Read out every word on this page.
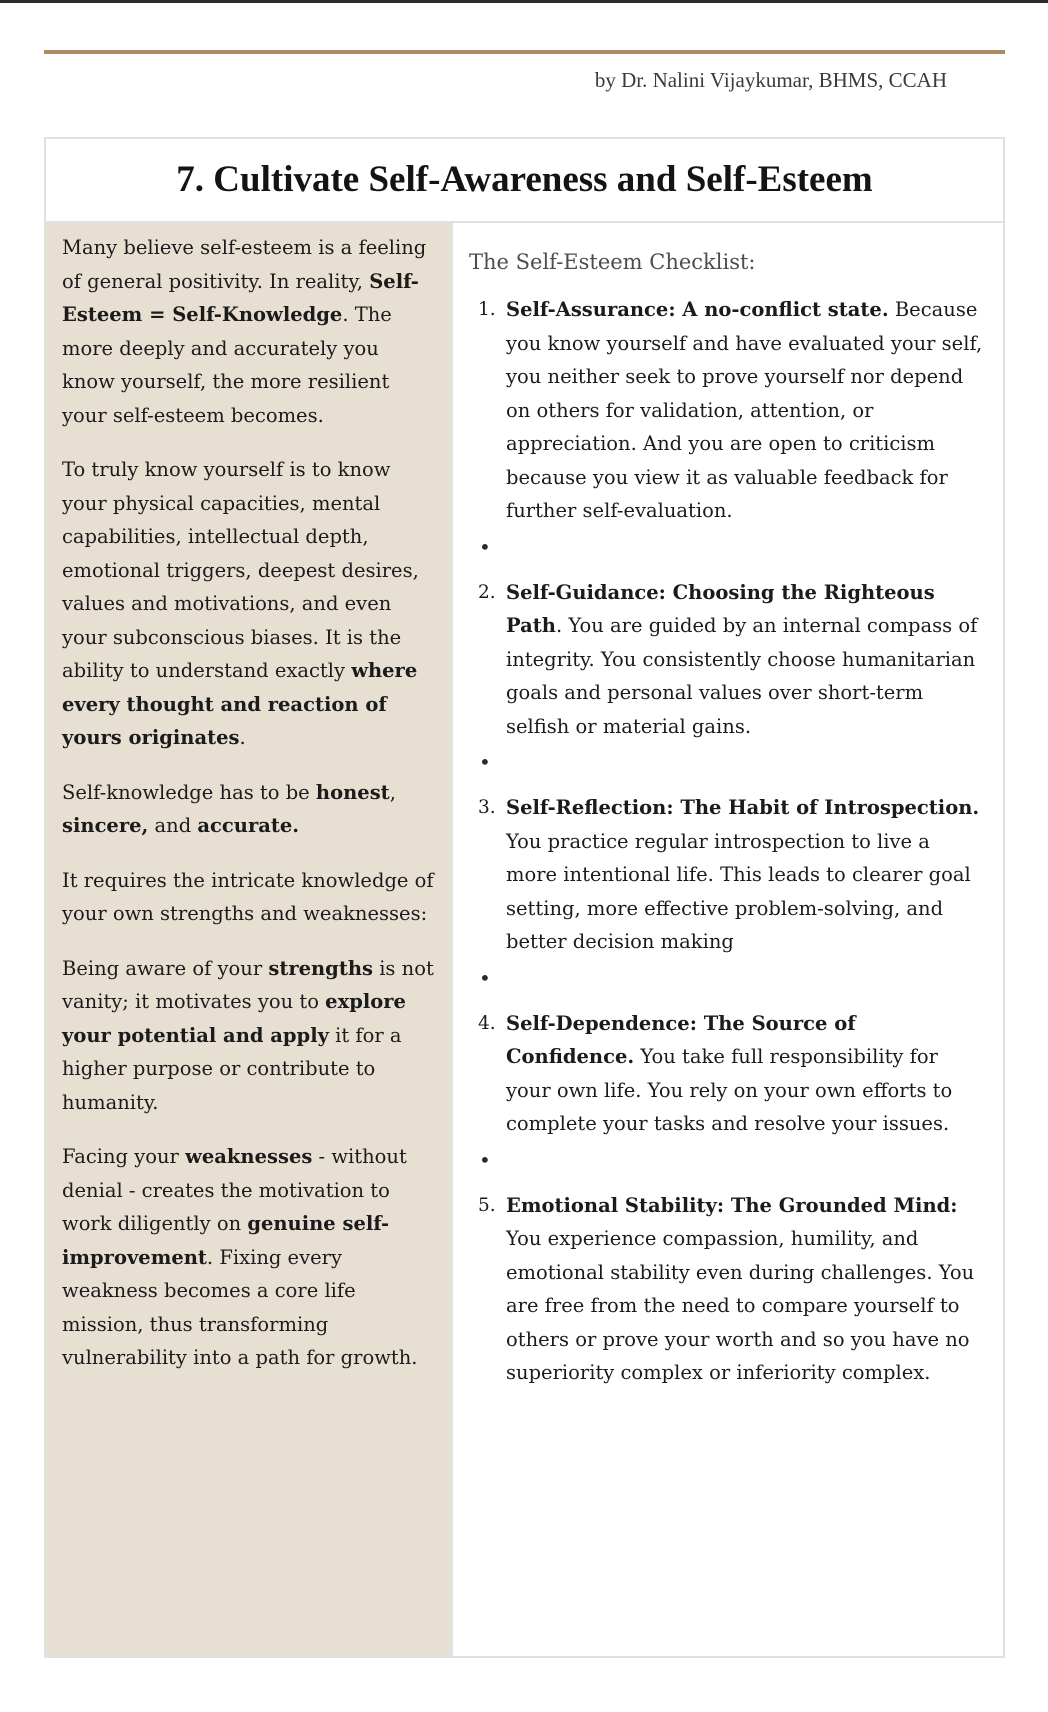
by Dr. Nalini Vijaykumar, BHMS, CCAH
7. Cultivate Self-Awareness and Self-Esteem

Many believe self-esteem is a feeling of general positivity. In reality, Self-Esteem = Self-Knowledge. The more deeply and accurately you know yourself, the more resilient your self-esteem becomes.

To truly know yourself is to know your physical capacities, mental capabilities, intellectual depth, emotional triggers, deepest desires, values and motivations, and even your subconscious biases. It is the ability to understand exactly where every thought and reaction of yours originates.

Self-knowledge has to be honest, sincere, and accurate.

It requires the intricate knowledge of your own strengths and weaknesses:

Being aware of your strengths is not vanity; it motivates you to explore your potential and apply it for a higher purpose or contribute to humanity.

Facing your weaknesses - without denial - creates the motivation to work diligently on genuine self-improvement. Fixing every weakness becomes a core life mission, thus transforming vulnerability into a path for growth.

The Self-Esteem Checklist:
1. Self-Assurance: A no-conflict state. Because you know yourself and have evaluated your self, you neither seek to prove yourself nor depend on others for validation, attention, or appreciation. And you are open to criticism because you view it as valuable feedback for further self-evaluation.
•
2. Self-Guidance: Choosing the Righteous Path. You are guided by an internal compass of integrity. You consistently choose humanitarian goals and personal values over short-term selfish or material gains.
•
3. Self-Reflection: The Habit of Introspection. You practice regular introspection to live a more intentional life. This leads to clearer goal setting, more effective problem-solving, and better decision making
•
4. Self-Dependence: The Source of Confidence. You take full responsibility for your own life. You rely on your own efforts to complete your tasks and resolve your issues.
•
5. Emotional Stability: The Grounded Mind: You experience compassion, humility, and emotional stability even during challenges. You are free from the need to compare yourself to others or prove your worth and so you have no superiority complex or inferiority complex.
